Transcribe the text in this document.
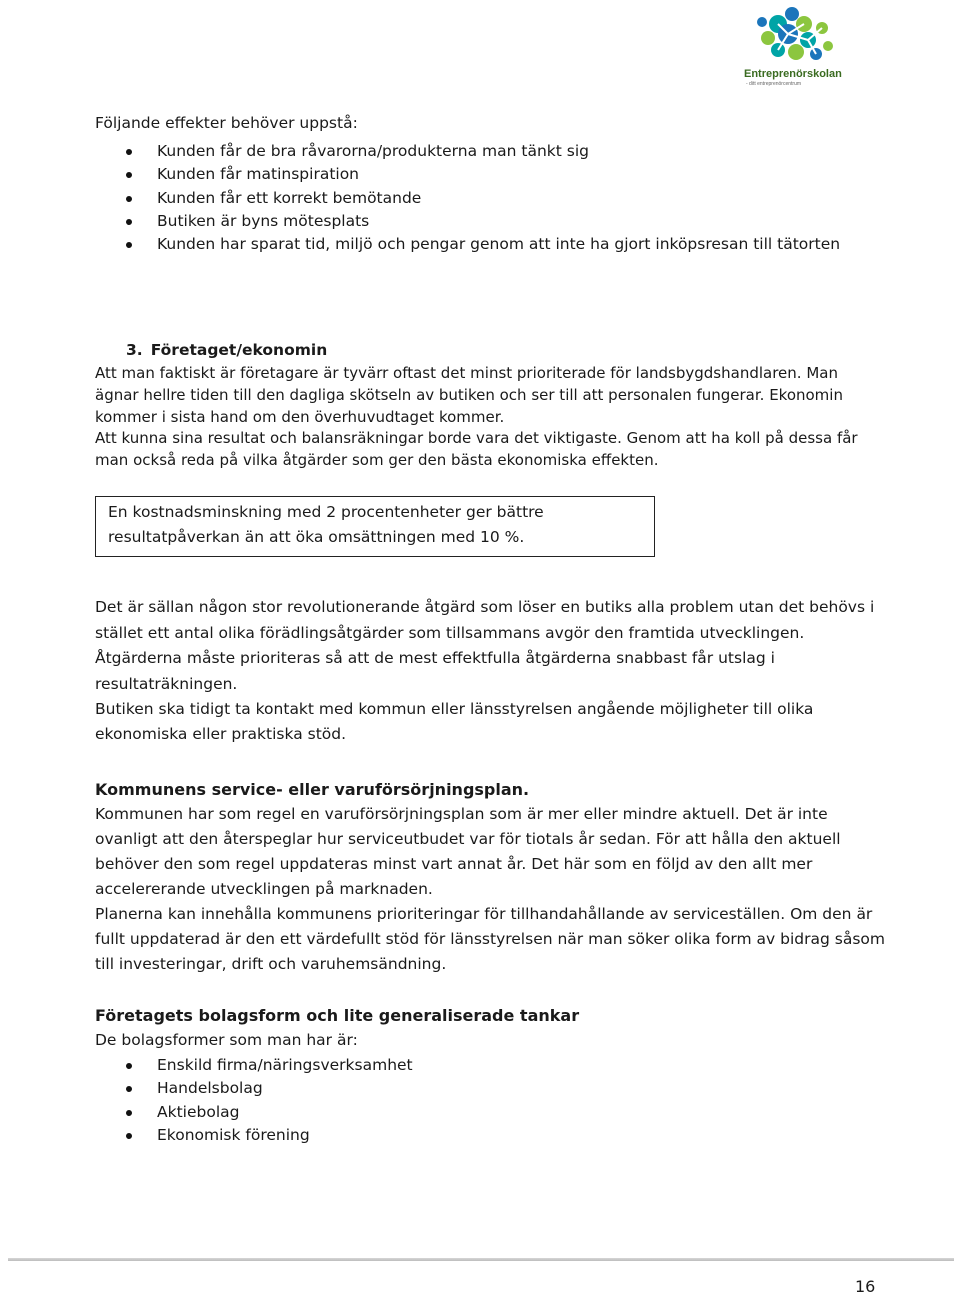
Entreprenörskolan
- ditt entreprenörcentrum

Följande effekter behöver uppstå:

Kunden får de bra råvarorna/produkterna man tänkt sig
Kunden får matinspiration
Kunden får ett korrekt bemötande
Butiken är byns mötesplats
Kunden har sparat tid, miljö och pengar genom att inte ha gjort inköpsresan till tätorten
3. Företaget/ekonomin

Att man faktiskt är företagare är tyvärr oftast det minst prioriterade för landsbygdshandlaren. Man ägnar hellre tiden till den dagliga skötseln av butiken och ser till att personalen fungerar. Ekonomin kommer i sista hand om den överhuvudtaget kommer.

Att kunna sina resultat och balansräkningar borde vara det viktigaste. Genom att ha koll på dessa får man också reda på vilka åtgärder som ger den bästa ekonomiska effekten.

En kostnadsminskning med 2 procentenheter ger bättre
resultatpåverkan än att öka omsättningen med 10 %.

Det är sällan någon stor revolutionerande åtgärd som löser en butiks alla problem utan det behövs i stället ett antal olika förädlingsåtgärder som tillsammans avgör den framtida utvecklingen. Åtgärderna måste prioriteras så att de mest effektfulla åtgärderna snabbast får utslag i resultaträkningen.

Butiken ska tidigt ta kontakt med kommun eller länsstyrelsen angående möjligheter till olika ekonomiska eller praktiska stöd.

Kommunens service- eller varuförsörjningsplan.

Kommunen har som regel en varuförsörjningsplan som är mer eller mindre aktuell. Det är inte ovanligt att den återspeglar hur serviceutbudet var för tiotals år sedan. För att hålla den aktuell behöver den som regel uppdateras minst vart annat år. Det här som en följd av den allt mer accelererande utvecklingen på marknaden.

Planerna kan innehålla kommunens prioriteringar för tillhandahållande av serviceställen. Om den är fullt uppdaterad är den ett värdefullt stöd för länsstyrelsen när man söker olika form av bidrag såsom till investeringar, drift och varuhemsändning.

Företagets bolagsform och lite generaliserade tankar

De bolagsformer som man har är:

Enskild firma/näringsverksamhet
Handelsbolag
Aktiebolag
Ekonomisk förening
16
